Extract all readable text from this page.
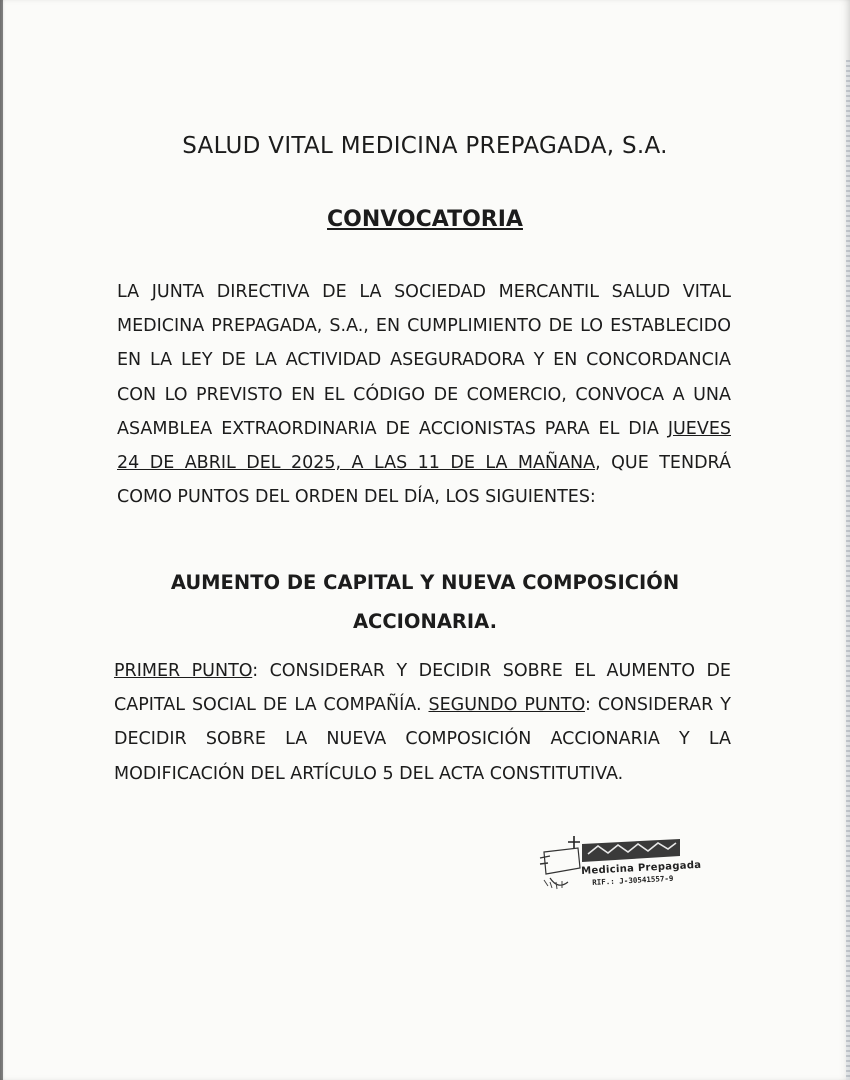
SALUD VITAL MEDICINA PREPAGADA, S.A.
CONVOCATORIA
LA JUNTA DIRECTIVA DE LA SOCIEDAD MERCANTIL SALUD VITAL MEDICINA PREPAGADA, S.A., EN CUMPLIMIENTO DE LO ESTABLECIDO EN LA LEY DE LA ACTIVIDAD ASEGURADORA Y EN CONCORDANCIA CON LO PREVISTO EN EL CÓDIGO DE COMERCIO, CONVOCA A UNA ASAMBLEA EXTRAORDINARIA DE ACCIONISTAS PARA EL DIA JUEVES 24 DE ABRIL DEL 2025, A LAS 11 DE LA MAÑANA, QUE TENDRÁ COMO PUNTOS DEL ORDEN DEL DÍA, LOS SIGUIENTES:
AUMENTO DE CAPITAL Y NUEVA COMPOSICIÓN
ACCIONARIA.
PRIMER PUNTO: CONSIDERAR Y DECIDIR SOBRE EL AUMENTO DE CAPITAL SOCIAL DE LA COMPAÑÍA. SEGUNDO PUNTO: CONSIDERAR Y DECIDIR SOBRE LA NUEVA COMPOSICIÓN ACCIONARIA Y LA MODIFICACIÓN DEL ARTÍCULO 5 DEL ACTA CONSTITUTIVA.
Medicina Prepagada
RIF.: J-30541557-9
